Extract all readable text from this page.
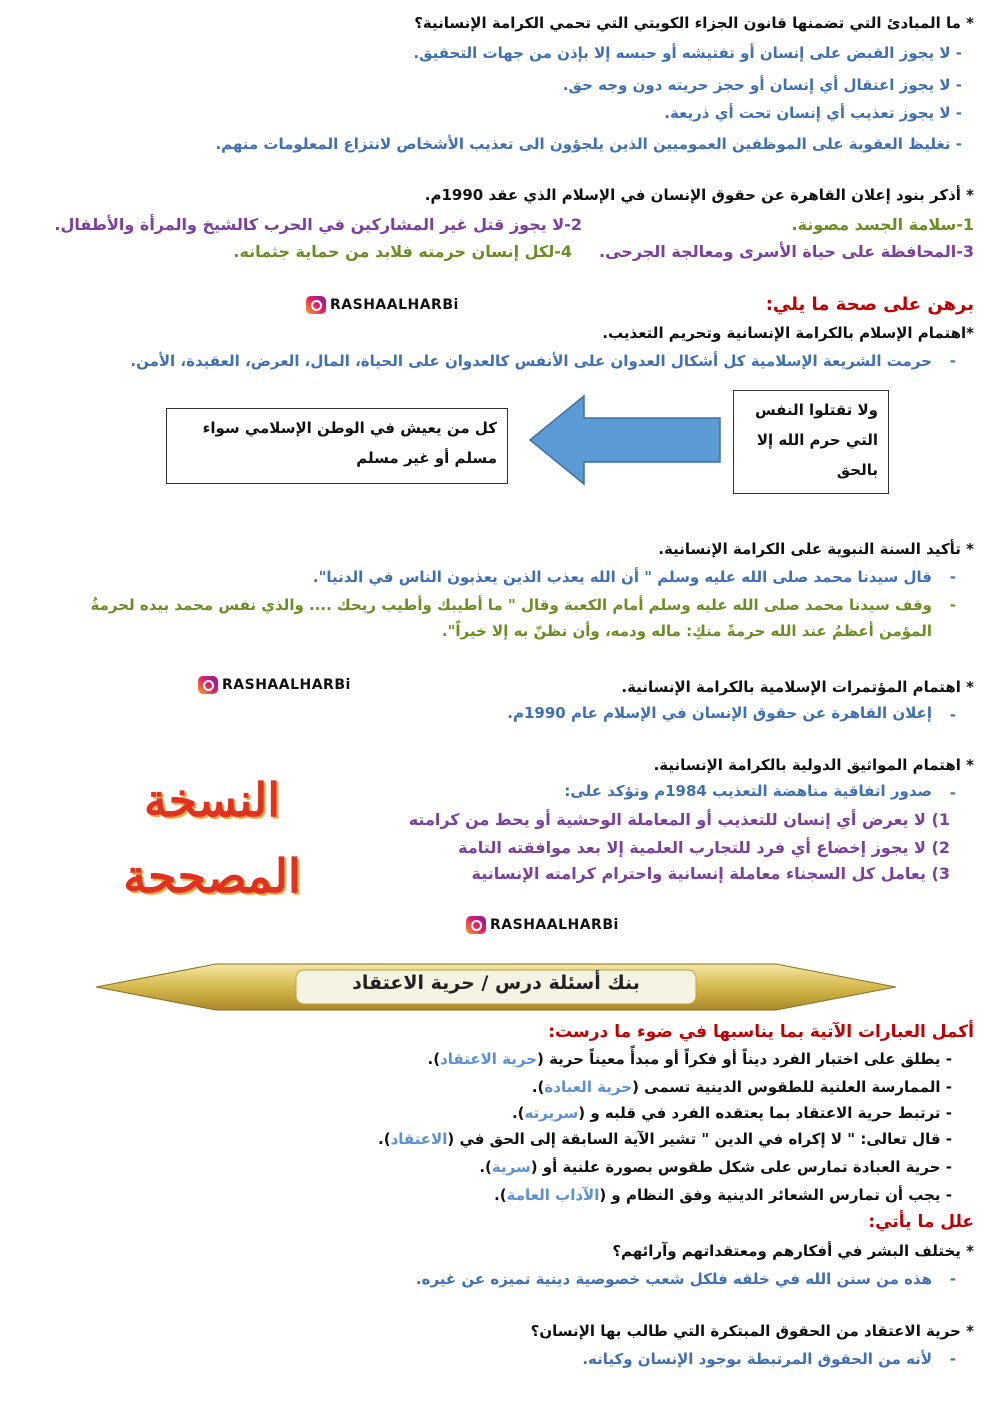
* ما المبادئ التي تضمنها قانون الجزاء الكويتي التي تحمي الكرامة الإنسانية؟
- لا يجوز القبض على إنسان أو تفتيشه أو حبسه إلا بإذن من جهات التحقيق.
- لا يجوز اعتقال أي إنسان أو حجز حريته دون وجه حق.
- لا يجوز تعذيب أي إنسان تحت أي ذريعة.
- تغليظ العقوبة على الموظفين العموميين الذين يلجؤون الى تعذيب الأشخاص لانتزاع المعلومات منهم.
* أذكر بنود إعلان القاهرة عن حقوق الإنسان في الإسلام الذي عقد 1990م.
1-سلامة الجسد مصونة.
2-لا يجوز قتل غير المشاركين في الحرب كالشيخ والمرأة والأطفال.
3-المحافظة على حياة الأسرى ومعالجة الجرحى.
4-لكل إنسان حرمته فلابد من حماية جثمانه.
RASHAALHARBi	برهن على صحة ما يلي:
*اهتمام الإسلام بالكرامة الإنسانية وتحريم التعذيب.
-
حرمت الشريعة الإسلامية كل أشكال العدوان على الأنفس كالعدوان على الحياة، المال، العرض، العقيدة، الأمن.
ولا تقتلوا النفس
التي حرم الله إلا
بالحق
كل من يعيش في الوطن الإسلامي سواء
مسلم أو غير مسلم
* تأكيد السنة النبوية على الكرامة الإنسانية.
-
قال سيدنا محمد صلى الله عليه وسلم " أن الله يعذب الذين يعذبون الناس في الدنيا".
-
وقف سيدنا محمد صلى الله عليه وسلم أمام الكعبة وقال " ما أطيبك وأطيب ريحك .... والذي نفس محمد بيده لحرمةُ
المؤمن أعظمُ عند الله حرمةً منكِ: ماله ودمه، وأن نظنّ به إلا خيراً".
RASHAALHARBi	* اهتمام المؤتمرات الإسلامية بالكرامة الإنسانية.
-
إعلان القاهرة عن حقوق الإنسان في الإسلام عام 1990م.
* اهتمام المواثيق الدولية بالكرامة الإنسانية.
-
صدور اتفاقية مناهضة التعذيب 1984م وتؤكد على:
1) لا يعرض أي إنسان للتعذيب أو المعاملة الوحشية أو يحط من كرامته
2) لا يجوز إخضاع أي فرد للتجارب العلمية إلا بعد موافقته التامة
3) يعامل كل السجناء معاملة إنسانية واحترام كرامته الإنسانية
النسخة
المصححة
RASHAALHARBi
بنك أسئلة درس / حرية الاعتقاد
أكمل العبارات الآتية بما يناسبها في ضوء ما درست:
- يطلق على اختبار الفرد ديناً أو فكراً أو مبدأً معيناً حرية (حرية الاعتقاد).
- الممارسة العلنية للطقوس الدينية تسمى (حرية العبادة).
- ترتبط حرية الاعتقاد بما يعتقده الفرد في قلبه و (سريرته).
- قال تعالى: " لا إكراه في الدين " تشير الآية السابقة إلى الحق في (الاعتقاد).
- حرية العبادة تمارس على شكل طقوس بصورة علنية أو (سرية).
- يجب أن تمارس الشعائر الدينية وفق النظام و (الآداب العامة).
علل ما يأتي:
* يختلف البشر في أفكارهم ومعتقداتهم وآرائهم؟
-
هذه من سنن الله في خلقه فلكل شعب خصوصية دينية تميزه عن غيره.
* حرية الاعتقاد من الحقوق المبتكرة التي طالب بها الإنسان؟
-
لأنه من الحقوق المرتبطة بوجود الإنسان وكيانه.
